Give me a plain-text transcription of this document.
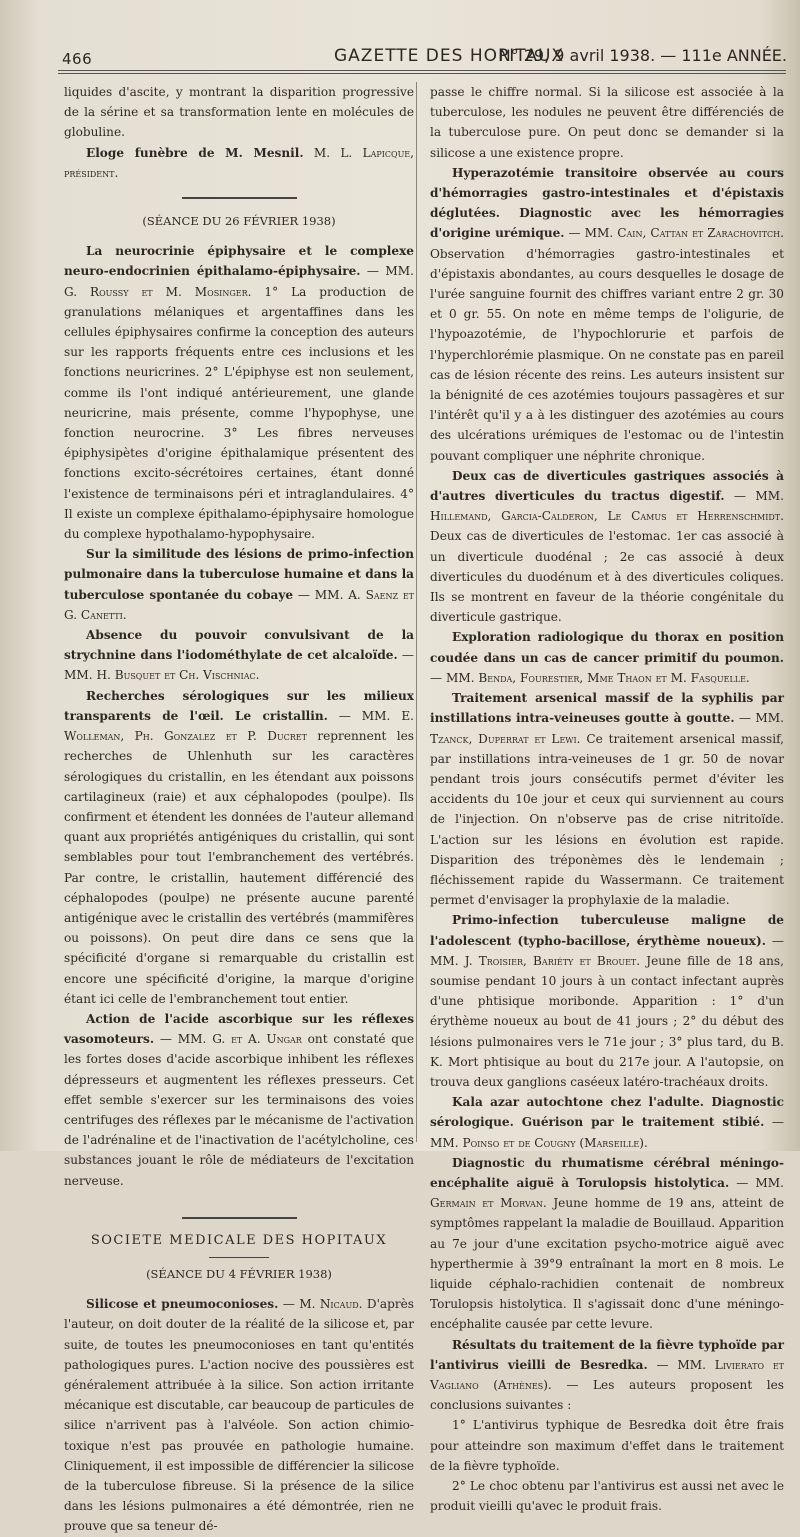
466	GAZETTE DES HOPITAUX
N° 29, 9 avril 1938. — 111e ANNÉE.

liquides d'ascite, y montrant la disparition progressive de la sérine et sa transformation lente en molécules de globuline.

Eloge funèbre de M. Mesnil. M. L. Lapicque, président.

(SÉANCE DU 26 FÉVRIER 1938)

La neurocrinie épiphysaire et le complexe neuro-endocrinien épithalamo-épiphysaire. — MM. G. Roussy et M. Mosinger. 1° La production de granulations mélaniques et argentaffines dans les cellules épiphysaires confirme la conception des auteurs sur les rapports fréquents entre ces inclusions et les fonctions neuricrines. 2° L'épiphyse est non seulement, comme ils l'ont indiqué antérieurement, une glande neuricrine, mais présente, comme l'hypophyse, une fonction neurocrine. 3° Les fibres nerveuses épiphysipètes d'origine épithalamique présentent des fonctions excito-sécrétoires certaines, étant donné l'existence de terminaisons péri et intraglandulaires. 4° Il existe un complexe épithalamo-épiphysaire homologue du complexe hypothalamo-hypophysaire.

Sur la similitude des lésions de primo-infection pulmonaire dans la tuberculose humaine et dans la tuberculose spontanée du cobaye — MM. A. Saenz et G. Canetti.

Absence du pouvoir convulsivant de la strychnine dans l'iodométhylate de cet alcaloïde. — MM. H. Busquet et Ch. Vischniac.

Recherches sérologiques sur les milieux transparents de l'œil. Le cristallin. — MM. E. Wolleman, Ph. Gonzalez et P. Ducret reprennent les recherches de Uhlenhuth sur les caractères sérologiques du cristallin, en les étendant aux poissons cartilagineux (raie) et aux céphalopodes (poulpe). Ils confirment et étendent les données de l'auteur allemand quant aux propriétés antigéniques du cristallin, qui sont semblables pour tout l'embranchement des vertébrés. Par contre, le cristallin, hautement différencié des céphalopodes (poulpe) ne présente aucune parenté antigénique avec le cristallin des vertébrés (mammifères ou poissons). On peut dire dans ce sens que la spécificité d'organe si remarquable du cristallin est encore une spécificité d'origine, la marque d'origine étant ici celle de l'embranchement tout entier.

Action de l'acide ascorbique sur les réflexes vasomoteurs. — MM. G. et A. Ungar ont constaté que les fortes doses d'acide ascorbique inhibent les réflexes dépresseurs et augmentent les réflexes presseurs. Cet effet semble s'exercer sur les terminaisons des voies centrifuges des réflexes par le mécanisme de l'activation de l'adrénaline et de l'inactivation de l'acétylcholine, ces substances jouant le rôle de médiateurs de l'excitation nerveuse.

SOCIETE MEDICALE DES HOPITAUX
(SÉANCE DU 4 FÉVRIER 1938)

Silicose et pneumoconioses. — M. Nicaud. D'après l'auteur, on doit douter de la réalité de la silicose et, par suite, de toutes les pneumoconioses en tant qu'entités pathologiques pures. L'action nocive des poussières est généralement attribuée à la silice. Son action irritante mécanique est discutable, car beaucoup de particules de silice n'arrivent pas à l'alvéole. Son action chimio-toxique n'est pas prouvée en pathologie humaine. Cliniquement, il est impossible de différencier la silicose de la tuberculose fibreuse. Si la présence de la silice dans les lésions pulmonaires a été démontrée, rien ne prouve que sa teneur dé-

passe le chiffre normal. Si la silicose est associée à la tuberculose, les nodules ne peuvent être différenciés de la tuberculose pure. On peut donc se demander si la silicose a une existence propre.

Hyperazotémie transitoire observée au cours d'hémorragies gastro-intestinales et d'épistaxis déglutées. Diagnostic avec les hémorragies d'origine urémique. — MM. Cain, Cattan et Zarachovitch. Observation d'hémorragies gastro-intestinales et d'épistaxis abondantes, au cours desquelles le dosage de l'urée sanguine fournit des chiffres variant entre 2 gr. 30 et 0 gr. 55. On note en même temps de l'oligurie, de l'hypoazotémie, de l'hypochlorurie et parfois de l'hyperchlorémie plasmique. On ne constate pas en pareil cas de lésion récente des reins. Les auteurs insistent sur la bénignité de ces azotémies toujours passagères et sur l'intérêt qu'il y a à les distinguer des azotémies au cours des ulcérations urémiques de l'estomac ou de l'intestin pouvant compliquer une néphrite chronique.

Deux cas de diverticules gastriques associés à d'autres diverticules du tractus digestif. — MM. Hillemand, Garcia-Calderon, Le Camus et Herrenschmidt. Deux cas de diverticules de l'estomac. 1er cas associé à un diverticule duodénal ; 2e cas associé à deux diverticules du duodénum et à des diverticules coliques. Ils se montrent en faveur de la théorie congénitale du diverticule gastrique.

Exploration radiologique du thorax en position coudée dans un cas de cancer primitif du poumon. — MM. Benda, Fourestier, Mme Thaon et M. Fasquelle.

Traitement arsenical massif de la syphilis par instillations intra-veineuses goutte à goutte. — MM. Tzanck, Duperrat et Lewi. Ce traitement arsenical massif, par instillations intra-veineuses de 1 gr. 50 de novar pendant trois jours consécutifs permet d'éviter les accidents du 10e jour et ceux qui surviennent au cours de l'injection. On n'observe pas de crise nitritoïde. L'action sur les lésions en évolution est rapide. Disparition des tréponèmes dès le lendemain ; fléchissement rapide du Wassermann. Ce traitement permet d'envisager la prophylaxie de la maladie.

Primo-infection tuberculeuse maligne de l'adolescent (typho-bacillose, érythème noueux). — MM. J. Troisier, Bariéty et Brouet. Jeune fille de 18 ans, soumise pendant 10 jours à un contact infectant auprès d'une phtisique moribonde. Apparition : 1° d'un érythème noueux au bout de 41 jours ; 2° du début des lésions pulmonaires vers le 71e jour ; 3° plus tard, du B. K. Mort phtisique au bout du 217e jour. A l'autopsie, on trouva deux ganglions caséeux latéro-trachéaux droits.

Kala azar autochtone chez l'adulte. Diagnostic sérologique. Guérison par le traitement stibié. — MM. Poinso et de Cougny (Marseille).

Diagnostic du rhumatisme cérébral méningo-encéphalite aiguë à Torulopsis histolytica. — MM. Germain et Morvan. Jeune homme de 19 ans, atteint de symptômes rappelant la maladie de Bouillaud. Apparition au 7e jour d'une excitation psycho-motrice aiguë avec hyperthermie à 39°9 entraînant la mort en 8 mois. Le liquide céphalo-rachidien contenait de nombreux Torulopsis histolytica. Il s'agissait donc d'une méningo-encéphalite causée par cette levure.

Résultats du traitement de la fièvre typhoïde par l'antivirus vieilli de Besredka. — MM. Livierato et Vagliano (Athènes). — Les auteurs proposent les conclusions suivantes :

1° L'antivirus typhique de Besredka doit être frais pour atteindre son maximum d'effet dans le traitement de la fièvre typhoïde.

2° Le choc obtenu par l'antivirus est aussi net avec le produit vieilli qu'avec le produit frais.
